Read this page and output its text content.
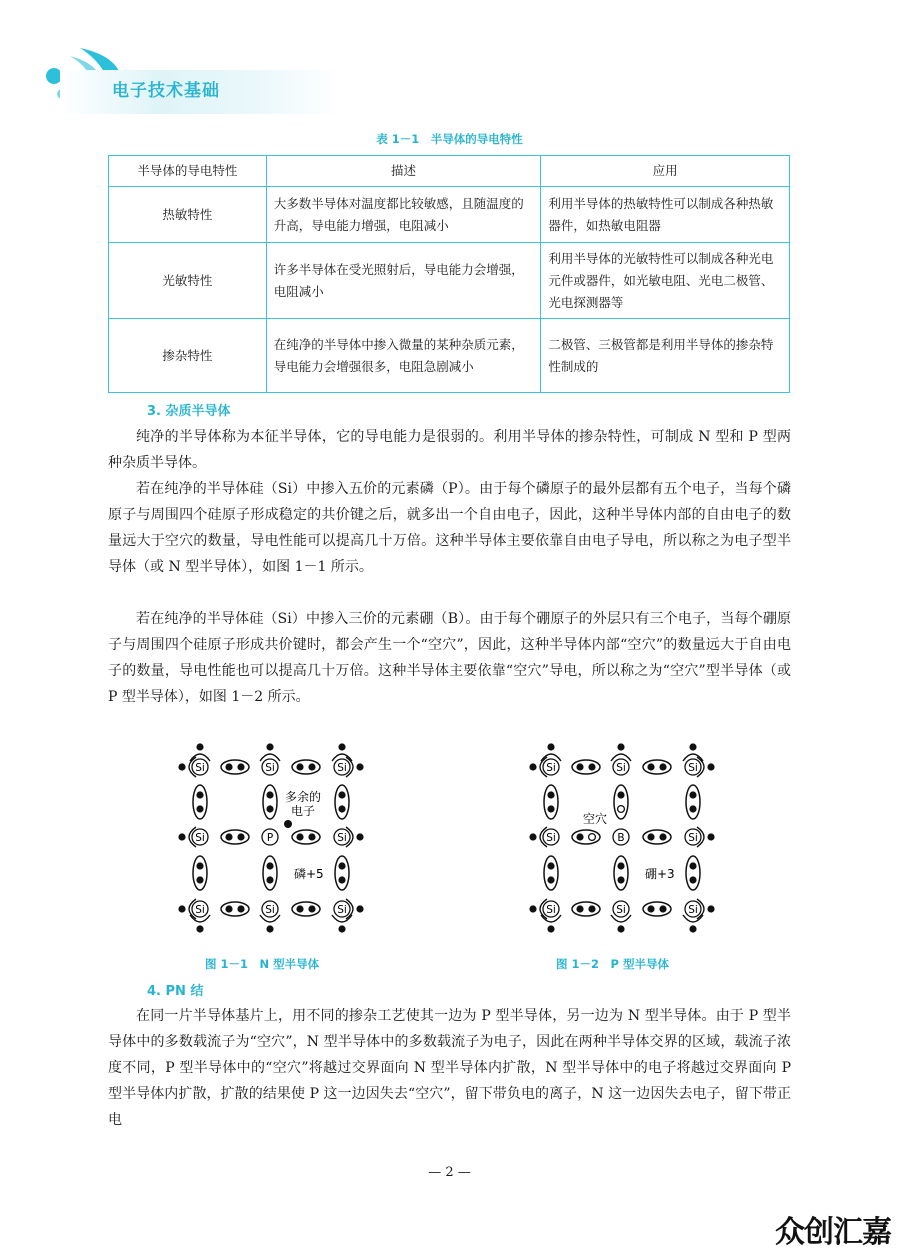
电子技术基础
表 1－1　半导体的导电特性
半导体的导电特性	描述	应用
热敏特性	大多数半导体对温度都比较敏感，且随温度的升高，导电能力增强，电阻减小	利用半导体的热敏特性可以制成各种热敏器件，如热敏电阻器
光敏特性	许多半导体在受光照射后，导电能力会增强，电阻减小	利用半导体的光敏特性可以制成各种光电元件或器件，如光敏电阻、光电二极管、光电探测器等
掺杂特性	在纯净的半导体中掺入微量的某种杂质元素，导电能力会增强很多，电阻急剧减小	二极管、三极管都是利用半导体的掺杂特性制成的
3. 杂质半导体

纯净的半导体称为本征半导体，它的导电能力是很弱的。利用半导体的掺杂特性，可制成 N 型和 P 型两种杂质半导体。

若在纯净的半导体硅（Si）中掺入五价的元素磷（P）。由于每个磷原子的最外层都有五个电子，当每个磷原子与周围四个硅原子形成稳定的共价键之后，就多出一个自由电子，因此，这种半导体内部的自由电子的数量远大于空穴的数量，导电性能可以提高几十万倍。这种半导体主要依靠自由电子导电，所以称之为电子型半导体（或 N 型半导体），如图 1－1 所示。

若在纯净的半导体硅（Si）中掺入三价的元素硼（B）。由于每个硼原子的外层只有三个电子，当每个硼原子与周围四个硅原子形成共价键时，都会产生一个“空穴”，因此，这种半导体内部“空穴”的数量远大于自由电子的数量，导电性能也可以提高几十万倍。这种半导体主要依靠“空穴”导电，所以称之为“空穴”型半导体（或 P 型半导体），如图 1－2 所示。

Si	Si	Si
Si	P	Si
Si	Si	Si
多余的
电子
磷+5
图 1－1　N 型半导体
Si	Si	Si
Si	B	Si
Si	Si	Si
空穴
硼+3
图 1－2　P 型半导体
4. PN 结

在同一片半导体基片上，用不同的掺杂工艺使其一边为 P 型半导体，另一边为 N 型半导体。由于 P 型半导体中的多数载流子为“空穴”，N 型半导体中的多数载流子为电子，因此在两种半导体交界的区域，载流子浓度不同，P 型半导体中的“空穴”将越过交界面向 N 型半导体内扩散，N 型半导体中的电子将越过交界面向 P 型半导体内扩散，扩散的结果使 P 这一边因失去“空穴”，留下带负电的离子，N 这一边因失去电子，留下带正电

— 2 —
众创汇嘉
